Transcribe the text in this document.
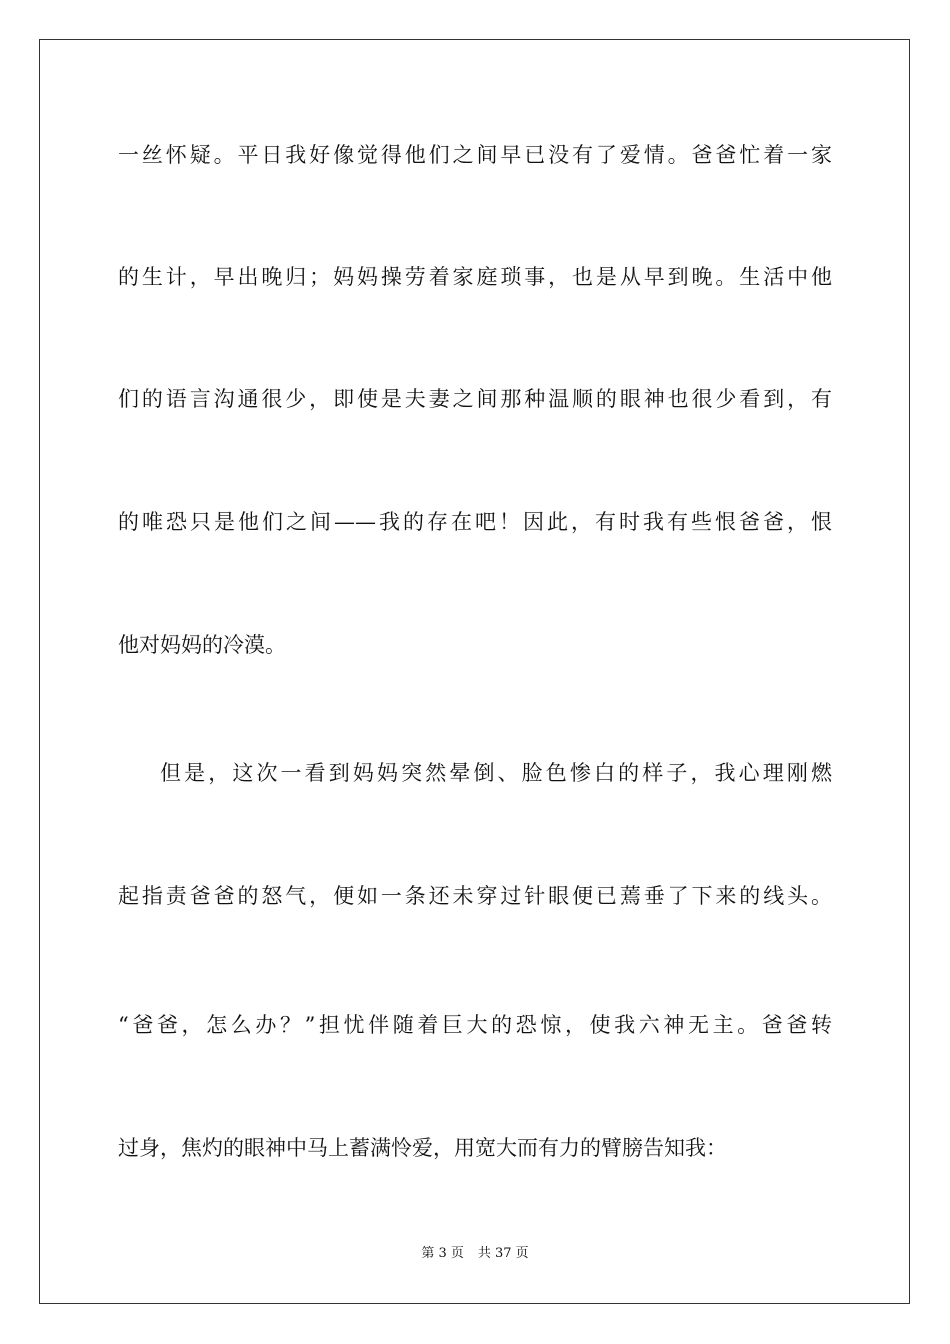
一丝怀疑。平日我好像觉得他们之间早已没有了爱情。爸爸忙着一家
的生计，早出晚归；妈妈操劳着家庭琐事，也是从早到晚。生活中他
们的语言沟通很少，即使是夫妻之间那种温顺的眼神也很少看到，有
的唯恐只是他们之间——我的存在吧！因此，有时我有些恨爸爸，恨
他对妈妈的冷漠。
但是，这次一看到妈妈突然晕倒、脸色惨白的样子，我心理刚燃
起指责爸爸的怒气，便如一条还未穿过针眼便已蔫垂了下来的线头。
“爸爸，怎么办？”担忧伴随着巨大的恐惊，使我六神无主。爸爸转
过身，焦灼的眼神中马上蓄满怜爱，用宽大而有力的臂膀告知我：
第 3 页 共 37 页
